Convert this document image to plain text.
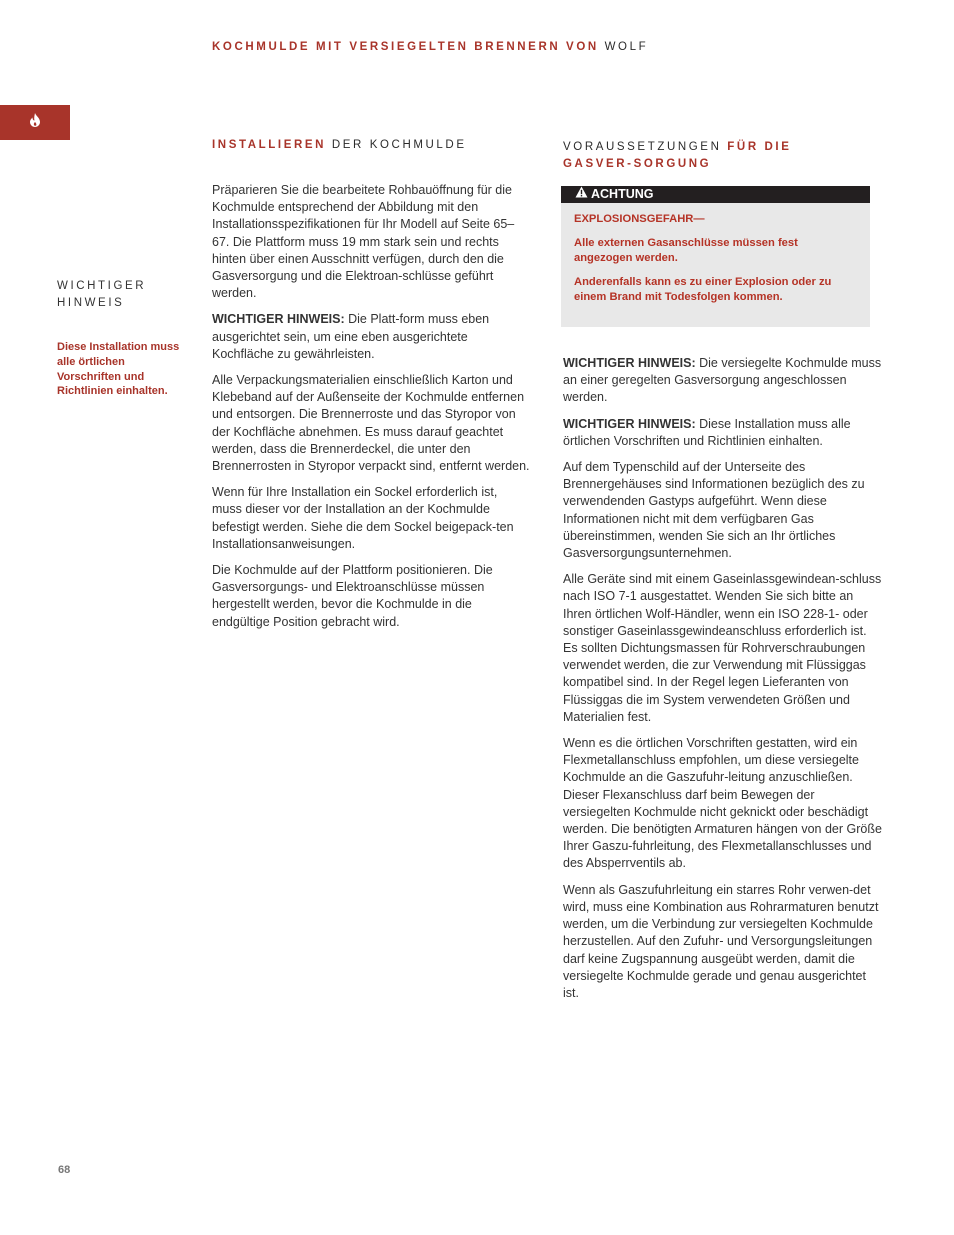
KOCHMULDE MIT VERSIEGELTEN BRENNERN VON WOLF
WICHTIGER
HINWEIS
Diese Installation muss alle örtlichen Vorschriften und Richtlinien einhalten.
INSTALLIEREN DER KOCHMULDE

Präparieren Sie die bearbeitete Rohbauöffnung für die Kochmulde entsprechend der Abbildung mit den Installationsspezifikationen für Ihr Modell auf Seite 65–67. Die Plattform muss 19 mm stark sein und rechts hinten über einen Ausschnitt verfügen, durch den die Gasversorgung und die Elektroan-schlüsse geführt werden.

WICHTIGER HINWEIS: Die Platt-form muss eben ausgerichtet sein, um eine eben ausgerichtete Kochfläche zu gewährleisten.

Alle Verpackungsmaterialien einschließlich Karton und Klebeband auf der Außenseite der Kochmulde entfernen und entsorgen. Die Brennerroste und das Styropor von der Kochfläche abnehmen. Es muss darauf geachtet werden, dass die Brennerdeckel, die unter den Brennerrosten in Styropor verpackt sind, entfernt werden.

Wenn für Ihre Installation ein Sockel erforderlich ist, muss dieser vor der Installation an der Kochmulde befestigt werden. Siehe die dem Sockel beigepack-ten Installationsanweisungen.

Die Kochmulde auf der Plattform positionieren. Die Gasversorgungs- und Elektroanschlüsse müssen hergestellt werden, bevor die Kochmulde in die endgültige Position gebracht wird.

VORAUSSETZUNGEN FÜR DIE GASVER-SORGUNG
ACHTUNG

EXPLOSIONSGEFAHR—

Alle externen Gasanschlüsse müssen fest angezogen werden.

Anderenfalls kann es zu einer Explosion oder zu einem Brand mit Todesfolgen kommen.

WICHTIGER HINWEIS: Die versiegelte Kochmulde muss an einer geregelten Gasversorgung angeschlossen werden.

WICHTIGER HINWEIS: Diese Installation muss alle örtlichen Vorschriften und Richtlinien einhalten.

Auf dem Typenschild auf der Unterseite des Brennergehäuses sind Informationen bezüglich des zu verwendenden Gastyps aufgeführt. Wenn diese Informationen nicht mit dem verfügbaren Gas übereinstimmen, wenden Sie sich an Ihr örtliches Gasversorgungsunternehmen.

Alle Geräte sind mit einem Gaseinlassgewindean-schluss nach ISO 7-1 ausgestattet. Wenden Sie sich bitte an Ihren örtlichen Wolf-Händler, wenn ein ISO 228-1- oder sonstiger Gaseinlassgewindeanschluss erforderlich ist. Es sollten Dichtungsmassen für Rohrverschraubungen verwendet werden, die zur Verwendung mit Flüssiggas kompatibel sind. In der Regel legen Lieferanten von Flüssiggas die im System verwendeten Größen und Materialien fest.

Wenn es die örtlichen Vorschriften gestatten, wird ein Flexmetallanschluss empfohlen, um diese versiegelte Kochmulde an die Gaszufuhr-leitung anzuschließen. Dieser Flexanschluss darf beim Bewegen der versiegelten Kochmulde nicht geknickt oder beschädigt werden. Die benötigten Armaturen hängen von der Größe Ihrer Gaszu-fuhrleitung, des Flexmetallanschlusses und des Absperrventils ab.

Wenn als Gaszufuhrleitung ein starres Rohr verwen-det wird, muss eine Kombination aus Rohrarmaturen benutzt werden, um die Verbindung zur versiegelten Kochmulde herzustellen. Auf den Zufuhr- und Versorgungsleitungen darf keine Zugspannung ausgeübt werden, damit die versiegelte Kochmulde gerade und genau ausgerichtet ist.

68
